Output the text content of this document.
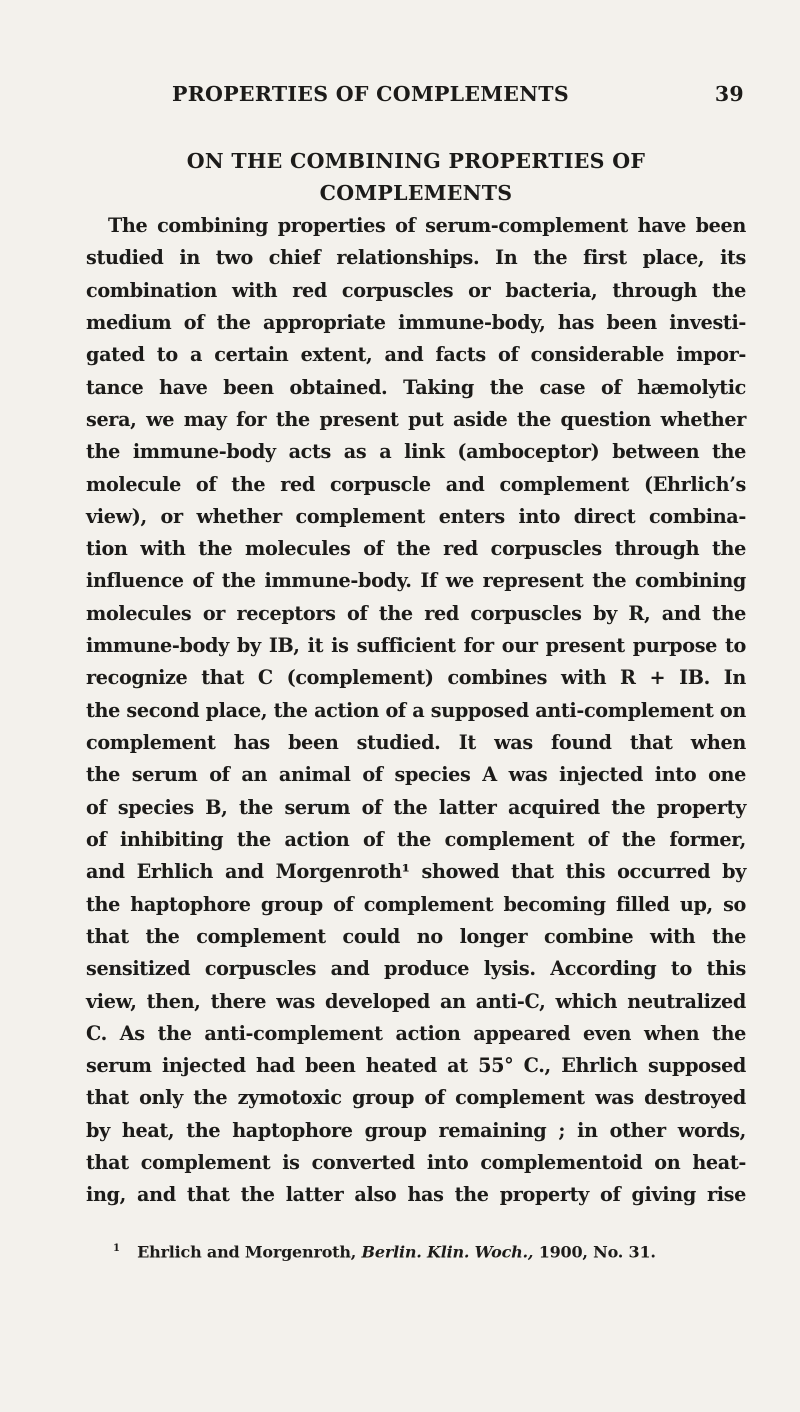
PROPERTIES OF COMPLEMENTS	39
ON THE COMBINING PROPERTIES OF
COMPLEMENTS
The combining properties of serum-complement have been
studied in two chief relationships. In the first place, its
combination with red corpuscles or bacteria, through the
medium of the appropriate immune-body, has been investi-
gated to a certain extent, and facts of considerable impor-
tance have been obtained. Taking the case of hæmolytic
sera, we may for the present put aside the question whether
the immune-body acts as a link (amboceptor) between the
molecule of the red corpuscle and complement (Ehrlich’s
view), or whether complement enters into direct combina-
tion with the molecules of the red corpuscles through the
influence of the immune-body. If we represent the combining
molecules or receptors of the red corpuscles by R, and the
immune-body by IB, it is sufficient for our present purpose to
recognize that C (complement) combines with R + IB. In
the second place, the action of a supposed anti-complement on
complement has been studied. It was found that when
the serum of an animal of species A was injected into one
of species B, the serum of the latter acquired the property
of inhibiting the action of the complement of the former,
and Erhlich and Morgenroth¹ showed that this occurred by
the haptophore group of complement becoming filled up, so
that the complement could no longer combine with the
sensitized corpuscles and produce lysis. According to this
view, then, there was developed an anti-C, which neutralized
C. As the anti-complement action appeared even when the
serum injected had been heated at 55° C., Ehrlich supposed
that only the zymotoxic group of complement was destroyed
by heat, the haptophore group remaining ; in other words,
that complement is converted into complementoid on heat-
ing, and that the latter also has the property of giving rise
$^1$ Ehrlich and Morgenroth, Berlin. Klin. Woch., 1900, No. 31.
